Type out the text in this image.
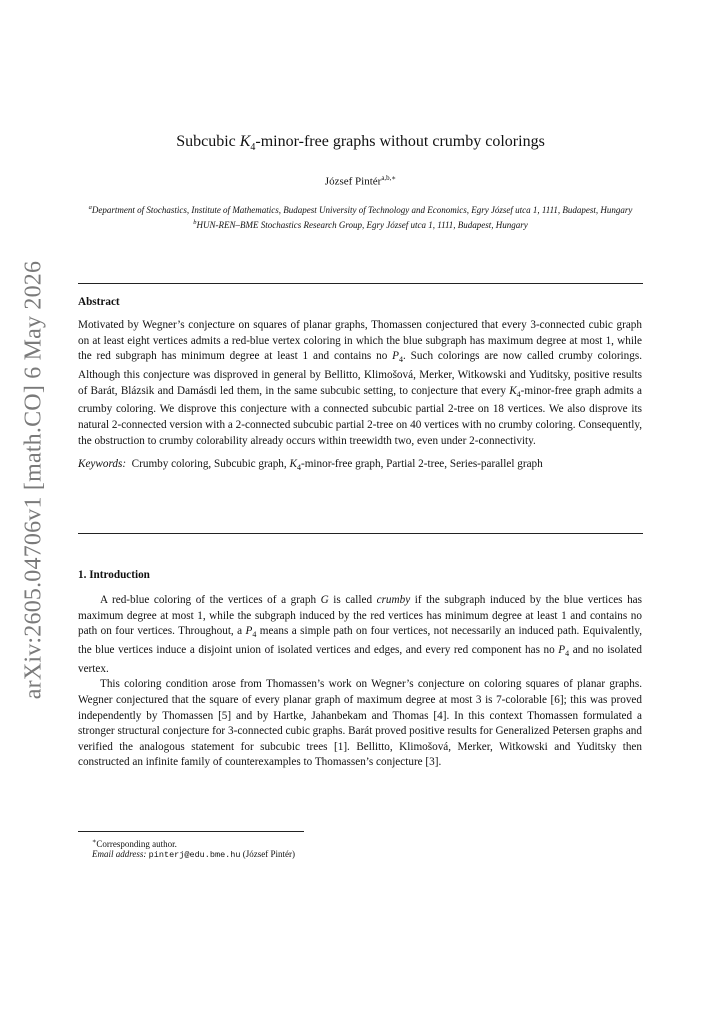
arXiv:2605.04706v1 [math.CO] 6 May 2026
Subcubic $K_4-minor$-free graphs without crumby colorings
József Pintér$^{a,b,∗}$
$^a$Department of Stochastics, Institute of Mathematics, Budapest University of Technology and Economics, Egry József utca 1, 1111, Budapest, Hungary
$^b$HUN-REN–BME Stochastics Research Group, Egry József utca 1, 1111, Budapest, Hungary
Abstract

Motivated by Wegner’s conjecture on squares of planar graphs, Thomassen conjectured that every 3-connected cubic graph on at least eight vertices admits a red-blue vertex coloring in which the blue subgraph has maximum degree at most 1, while the red subgraph has minimum degree at least 1 and contains no $P_4$. Such colorings are now called crumby colorings. Although this conjecture was disproved in general by Bellitto, Klimošová, Merker, Witkowski and Yuditsky, positive results of Barát, Blázsik and Damásdi led them, in the same subcubic setting, to conjecture that every $K_4-minor$-free graph admits a crumby coloring. We disprove this conjecture with a connected subcubic partial 2-tree on 18 vertices. We also disprove its natural 2-connected version with a 2-connected subcubic partial 2-tree on 40 vertices with no crumby coloring. Consequently, the obstruction to crumby colorability already occurs within treewidth two, even under 2-connectivity.

Keywords: Crumby coloring, Subcubic graph, $K_4-minor$-free graph, Partial 2-tree, Series-parallel graph

1. Introduction

A red-blue coloring of the vertices of a graph G is called crumby if the subgraph induced by the blue vertices has maximum degree at most 1, while the subgraph induced by the red vertices has minimum degree at least 1 and contains no path on four vertices. Throughout, a $P_4$ means a simple path on four vertices, not necessarily an induced path. Equivalently, the blue vertices induce a disjoint union of isolated vertices and edges, and every red component has no $P_4$ and no isolated vertex.

This coloring condition arose from Thomassen’s work on Wegner’s conjecture on coloring squares of planar graphs. Wegner conjectured that the square of every planar graph of maximum degree at most 3 is 7-colorable [6]; this was proved independently by Thomassen [5] and by Hartke, Jahanbekam and Thomas [4]. In this context Thomassen formulated a stronger structural conjecture for 3-connected cubic graphs. Barát proved positive results for Generalized Petersen graphs and verified the analogous statement for subcubic trees [1]. Bellitto, Klimošová, Merker, Witkowski and Yuditsky then constructed an infinite family of counterexamples to Thomassen’s conjecture [3].

∗Corresponding author.
Email address: pinterj@edu.bme.hu (József Pintér)
